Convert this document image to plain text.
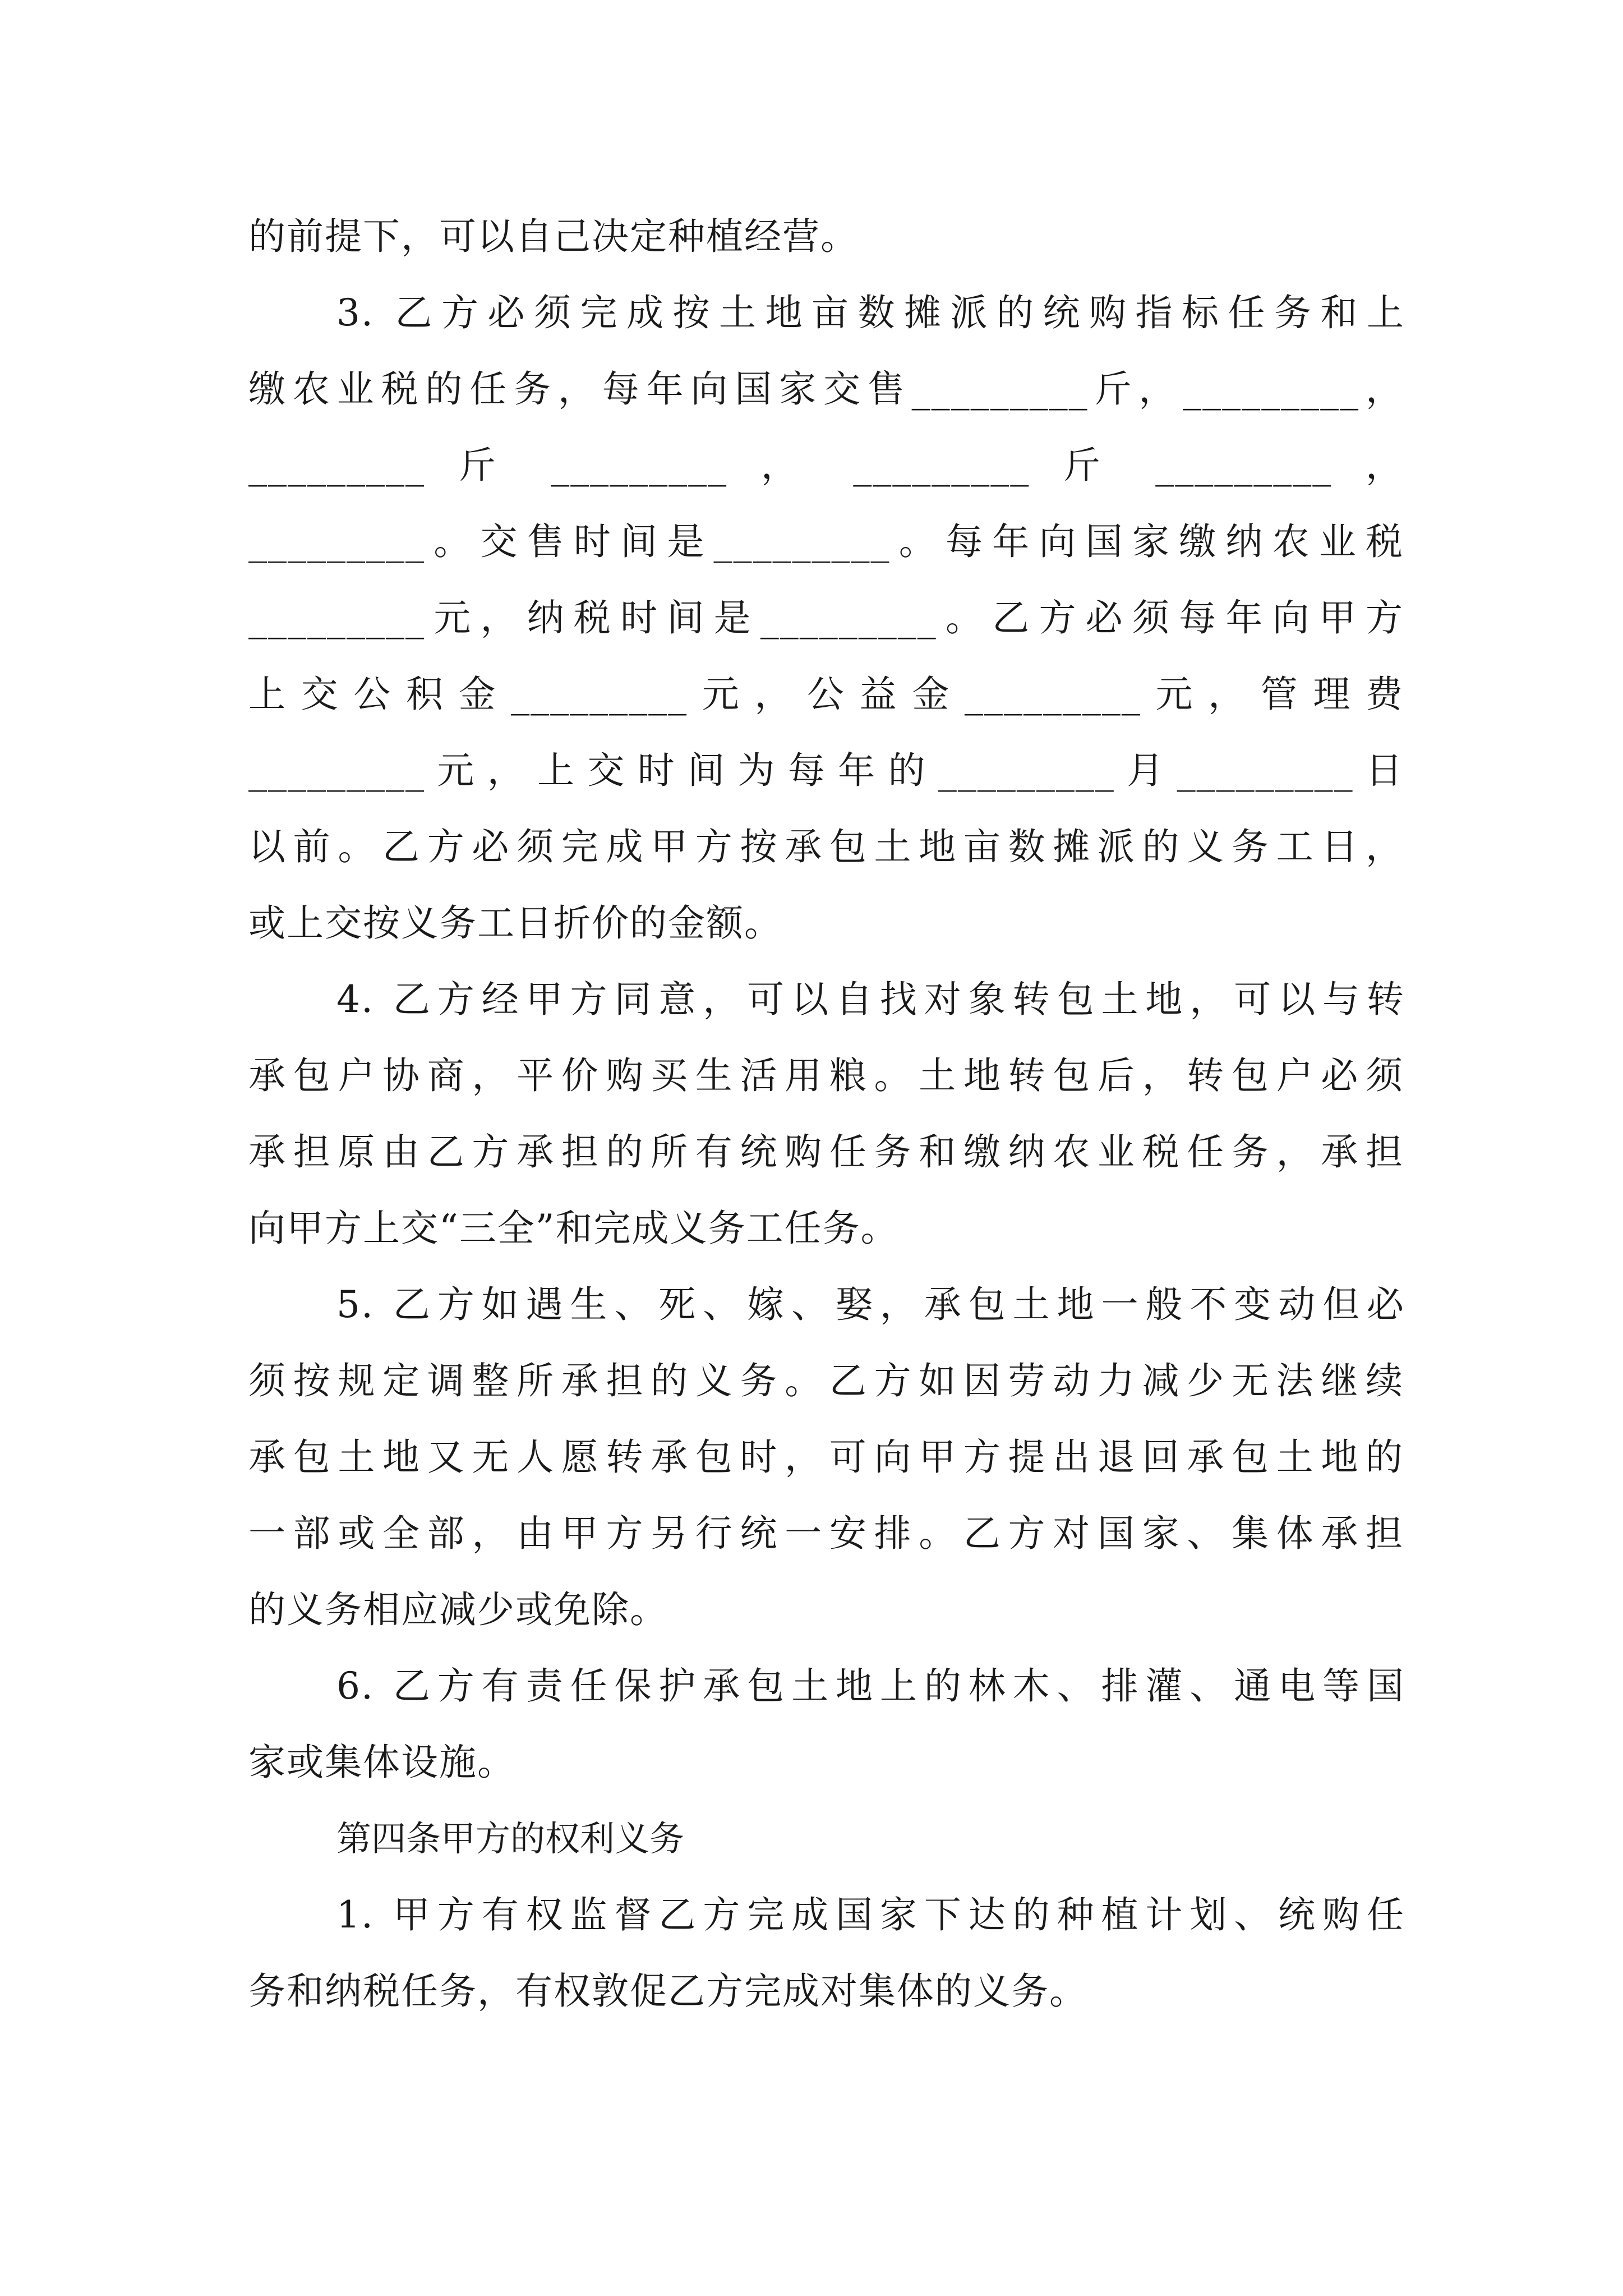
的前提下，可以自己决定种植经营。
3. 乙方必须完成按土地亩数摊派的统购指标任务和上
缴农业税的任务，每年向国家交售_________斤，_________，
_________ 斤 _________ ， _________ 斤 _________ ，
_________。交售时间是_________。每年向国家缴纳农业税
_________元，纳税时间是_________。乙方必须每年向甲方
上交公积金_________元，公益金_________元，管理费
_________元，上交时间为每年的_________月_________日
以前。乙方必须完成甲方按承包土地亩数摊派的义务工日，
或上交按义务工日折价的金额。
4. 乙方经甲方同意，可以自找对象转包土地，可以与转
承包户协商，平价购买生活用粮。土地转包后，转包户必须
承担原由乙方承担的所有统购任务和缴纳农业税任务，承担
向甲方上交“三全”和完成义务工任务。
5. 乙方如遇生、死、嫁、娶，承包土地一般不变动但必
须按规定调整所承担的义务。乙方如因劳动力减少无法继续
承包土地又无人愿转承包时，可向甲方提出退回承包土地的
一部或全部，由甲方另行统一安排。乙方对国家、集体承担
的义务相应减少或免除。
6. 乙方有责任保护承包土地上的林木、排灌、通电等国
家或集体设施。
第四条甲方的权利义务
1. 甲方有权监督乙方完成国家下达的种植计划、统购任
务和纳税任务，有权敦促乙方完成对集体的义务。
